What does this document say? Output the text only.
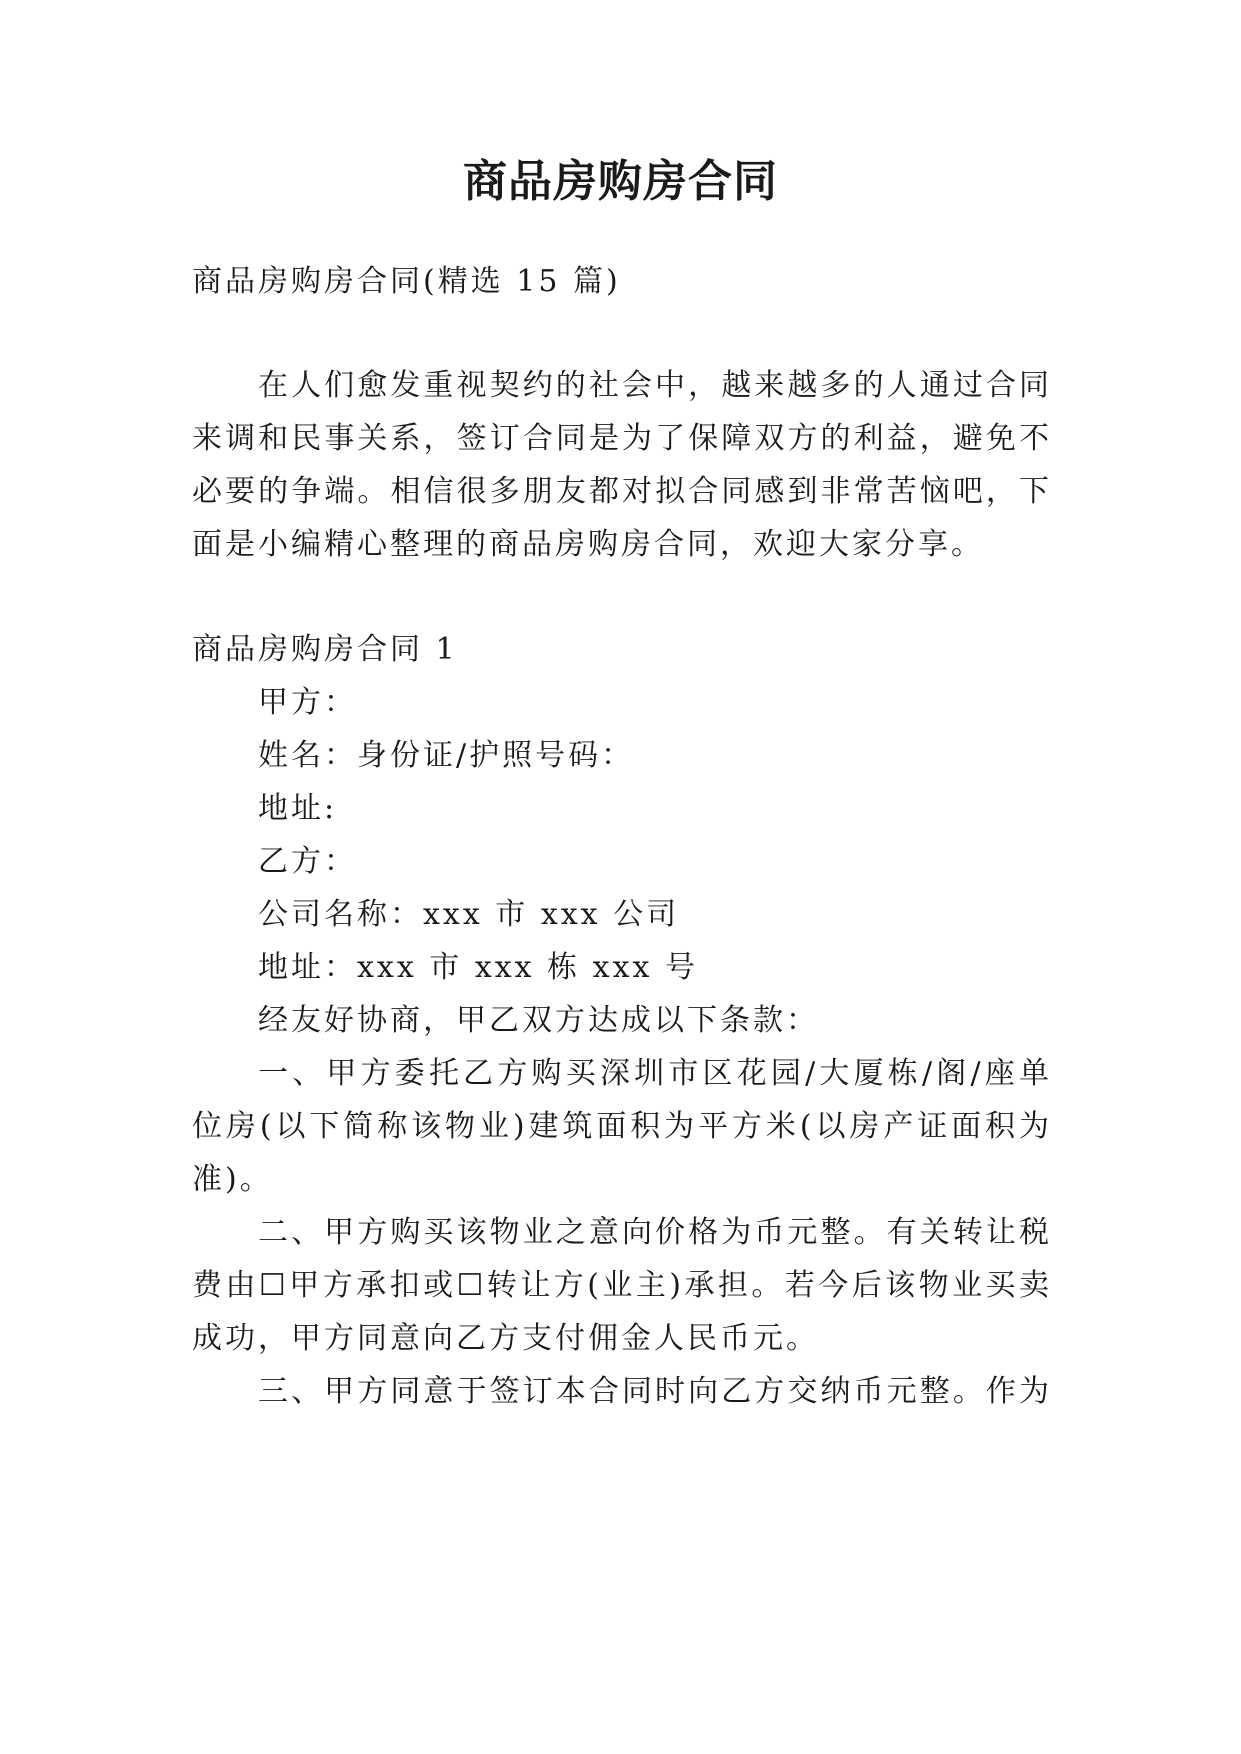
商品房购房合同

商品房购房合同(精选 15 篇)

在人们愈发重视契约的社会中，越来越多的人通过合同

来调和民事关系，签订合同是为了保障双方的利益，避免不

必要的争端。相信很多朋友都对拟合同感到非常苦恼吧，下

面是小编精心整理的商品房购房合同，欢迎大家分享。

商品房购房合同 1

甲方：

姓名：身份证/护照号码：

地址:

乙方：

公司名称：xxx 市 xxx 公司

地址：xxx 市 xxx 栋 xxx 号

经友好协商，甲乙双方达成以下条款：

一、甲方委托乙方购买深圳市区花园/大厦栋/阁/座单

位房(以下简称该物业)建筑面积为平方米(以房产证面积为

准)。

二、甲方购买该物业之意向价格为币元整。有关转让税

费由☐甲方承扣或☐转让方(业主)承担。若今后该物业买卖

成功，甲方同意向乙方支付佣金人民币元。

三、甲方同意于签订本合同时向乙方交纳币元整。作为
